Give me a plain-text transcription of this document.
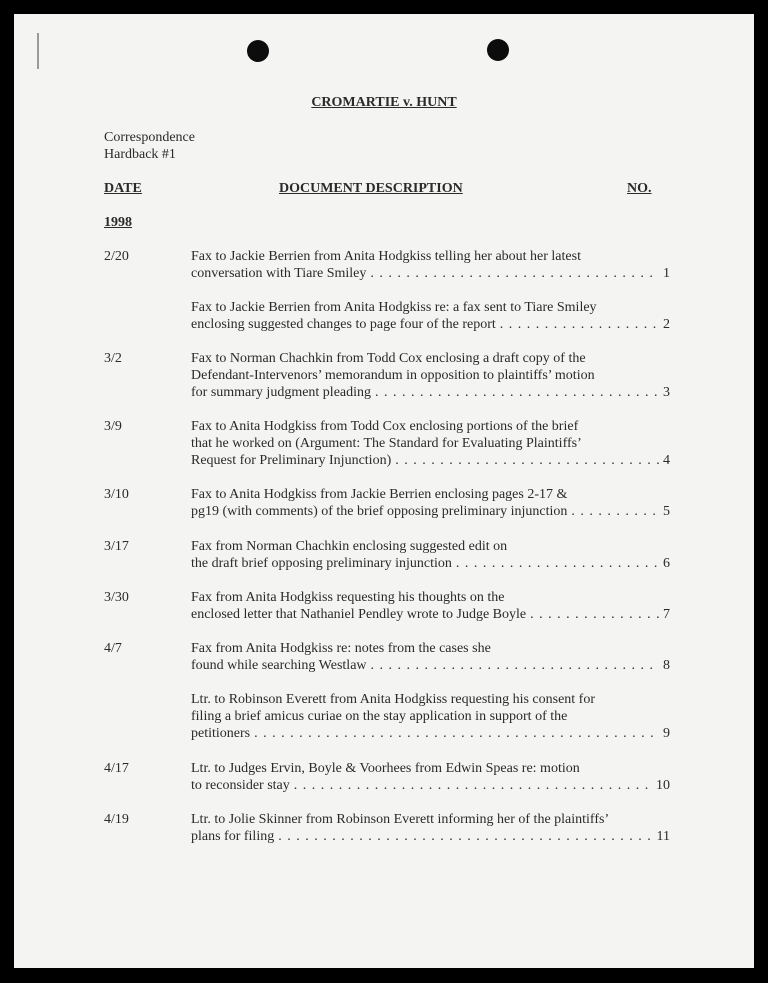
CROMARTIE v. HUNT
Correspondence
Hardback #1
DATE	DOCUMENT DESCRIPTION	NO.
1998
2/20	Fax to Jackie Berrien from Anita Hodgkiss telling her about her latest
conversation with Tiare Smiley . . .	1
Fax to Jackie Berrien from Anita Hodgkiss re: a fax sent to Tiare Smiley
enclosing suggested changes to page four of the report . . .	2
3/2	Fax to Norman Chachkin from Todd Cox enclosing a draft copy of the
Defendant-Intervenors’ memorandum in opposition to plaintiffs’ motion
for summary judgment pleading . . .	3
3/9	Fax to Anita Hodgkiss from Todd Cox enclosing portions of the brief
that he worked on (Argument: The Standard for Evaluating Plaintiffs’
Request for Preliminary Injunction) . . .	4
3/10	Fax to Anita Hodgkiss from Jackie Berrien enclosing pages 2-17 &
pg19 (with comments) of the brief opposing preliminary injunction . . .	5
3/17	Fax from Norman Chachkin enclosing suggested edit on
the draft brief opposing preliminary injunction . . .	6
3/30	Fax from Anita Hodgkiss requesting his thoughts on the
enclosed letter that Nathaniel Pendley wrote to Judge Boyle . . .	7
4/7	Fax from Anita Hodgkiss re: notes from the cases she
found while searching Westlaw . . .	8
Ltr. to Robinson Everett from Anita Hodgkiss requesting his consent for
filing a brief amicus curiae on the stay application in support of the
petitioners . . .	9
4/17	Ltr. to Judges Ervin, Boyle & Voorhees from Edwin Speas re: motion
to reconsider stay . . .	10
4/19	Ltr. to Jolie Skinner from Robinson Everett informing her of the plaintiffs’
plans for filing . . .	11
